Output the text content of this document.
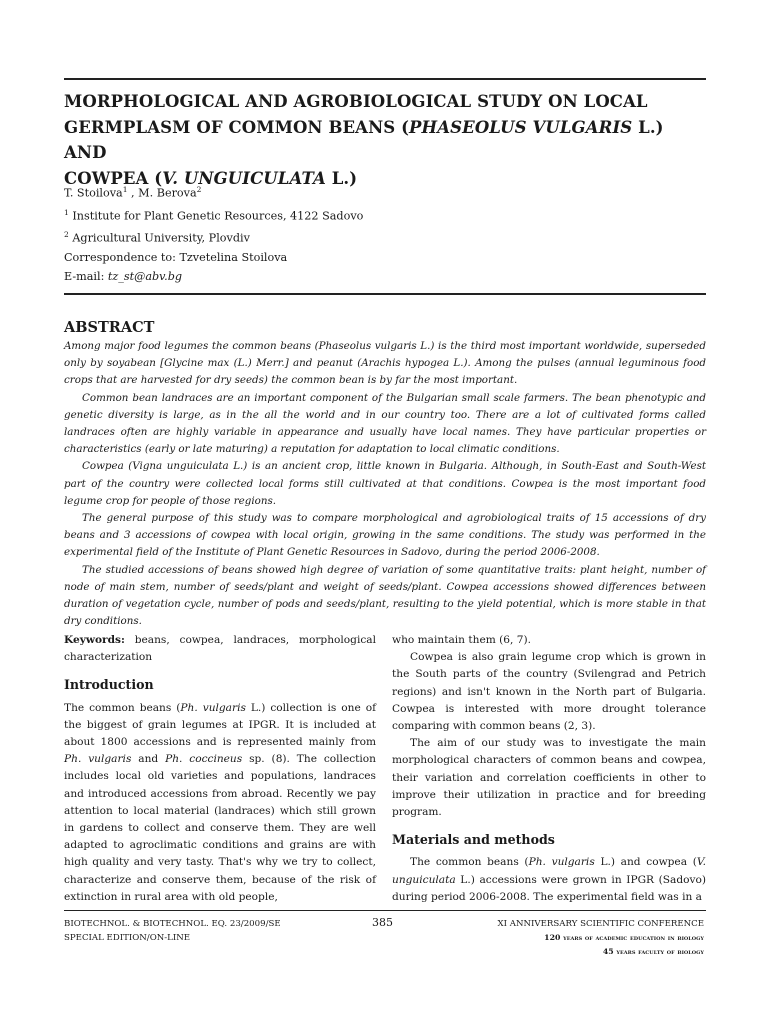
MORPHOLOGICAL AND AGROBIOLOGICAL STUDY ON LOCAL
GERMPLASM OF COMMON BEANS (PHASEOLUS VULGARIS L.) AND
COWPEA (V. UNGUICULATA L.)
T. Stoilova$^1$ , M. Berova$^2$
$^1$ Institute for Plant Genetic Resources, 4122 Sadovo
$^2$ Agricultural University, Plovdiv
Correspondence to: Tzvetelina Stoilova
E-mail: tz_st@abv.bg
ABSTRACT

Among major food legumes the common beans (Phaseolus vulgaris L.) is the third most important worldwide, superseded only by soyabean [Glycine max (L.) Merr.] and peanut (Arachis hypogea L.). Among the pulses (annual leguminous food crops that are harvested for dry seeds) the common bean is by far the most important.

Common bean landraces are an important component of the Bulgarian small scale farmers. The bean phenotypic and genetic diversity is large, as in the all the world and in our country too. There are a lot of cultivated forms called landraces often are highly variable in appearance and usually have local names. They have particular properties or characteristics (early or late maturing) a reputation for adaptation to local climatic conditions.

Cowpea (Vigna unguiculata L.) is an ancient crop, little known in Bulgaria. Although, in South-East and South-West part of the country were collected local forms still cultivated at that conditions. Cowpea is the most important food legume crop for people of those regions.

The general purpose of this study was to compare morphological and agrobiological traits of 15 accessions of dry beans and 3 accessions of cowpea with local origin, growing in the same conditions. The study was performed in the experimental field of the Institute of Plant Genetic Resources in Sadovo, during the period 2006-2008.

The studied accessions of beans showed high degree of variation of some quantitative traits: plant height, number of node of main stem, number of seeds/plant and weight of seeds/plant. Cowpea accessions showed differences between duration of vegetation cycle, number of pods and seeds/plant, resulting to the yield potential, which is more stable in that dry conditions.

Keywords: beans, cowpea, landraces, morphological characterization

Introduction

The common beans (Ph. vulgaris L.) collection is one of the biggest of grain legumes at IPGR. It is included at about 1800 accessions and is represented mainly from Ph. vulgaris and Ph. coccineus sp. (8). The collection includes local old varieties and populations, landraces and introduced accessions from abroad. Recently we pay attention to local material (landraces) which still grown in gardens to collect and conserve them. They are well adapted to agroclimatic conditions and grains are with high quality and very tasty. That's why we try to collect, characterize and conserve them, because of the risk of extinction in rural area with old people,

who maintain them (6, 7).

Cowpea is also grain legume crop which is grown in the South parts of the country (Svilengrad and Petrich regions) and isn't known in the North part of Bulgaria. Cowpea is interested with more drought tolerance comparing with common beans (2, 3).

The aim of our study was to investigate the main morphological characters of common beans and cowpea, their variation and correlation coefficients in other to improve their utilization in practice and for breeding program.

Materials and methods

The common beans (Ph. vulgaris L.) and cowpea (V. unguiculata L.) accessions were grown in IPGR (Sadovo) during period 2006-2008. The experimental field was in a

BIOTECHNOL. & BIOTECHNOL. EQ. 23/2009/SE
SPECIAL EDITION/ON-LINE
385	XI ANNIVERSARY SCIENTIFIC CONFERENCE
120 years of academic education in biology
45 years faculty of biology
